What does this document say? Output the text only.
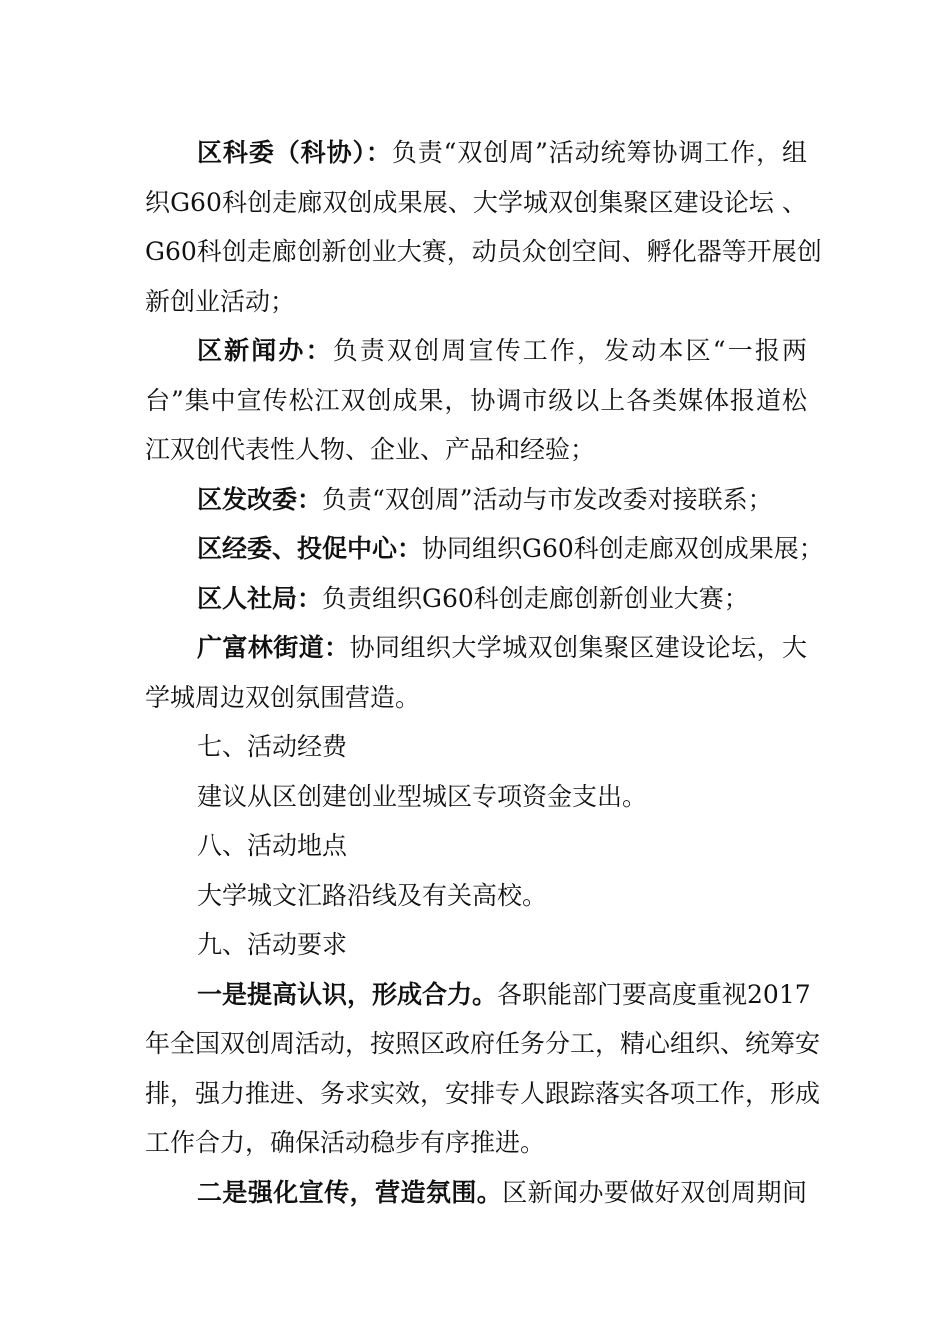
区科委（科协）：负责“双创周”活动统筹协调工作，组
织G60科创走廊双创成果展、大学城双创集聚区建设论坛 、
G60科创走廊创新创业大赛，动员众创空间、孵化器等开展创
新创业活动；
区新闻办：负责双创周宣传工作，发动本区“一报两
台”集中宣传松江双创成果，协调市级以上各类媒体报道松
江双创代表性人物、企业、产品和经验；
区发改委：负责“双创周”活动与市发改委对接联系；
区经委、投促中心：协同组织G60科创走廊双创成果展；
区人社局：负责组织G60科创走廊创新创业大赛；
广富林街道：协同组织大学城双创集聚区建设论坛，大
学城周边双创氛围营造。
七、活动经费
建议从区创建创业型城区专项资金支出。
八、活动地点
大学城文汇路沿线及有关高校。
九、活动要求
一是提高认识，形成合力。各职能部门要高度重视2017
年全国双创周活动，按照区政府任务分工，精心组织、统筹安
排，强力推进、务求实效，安排专人跟踪落实各项工作，形成
工作合力，确保活动稳步有序推进。
二是强化宣传，营造氛围。区新闻办要做好双创周期间
